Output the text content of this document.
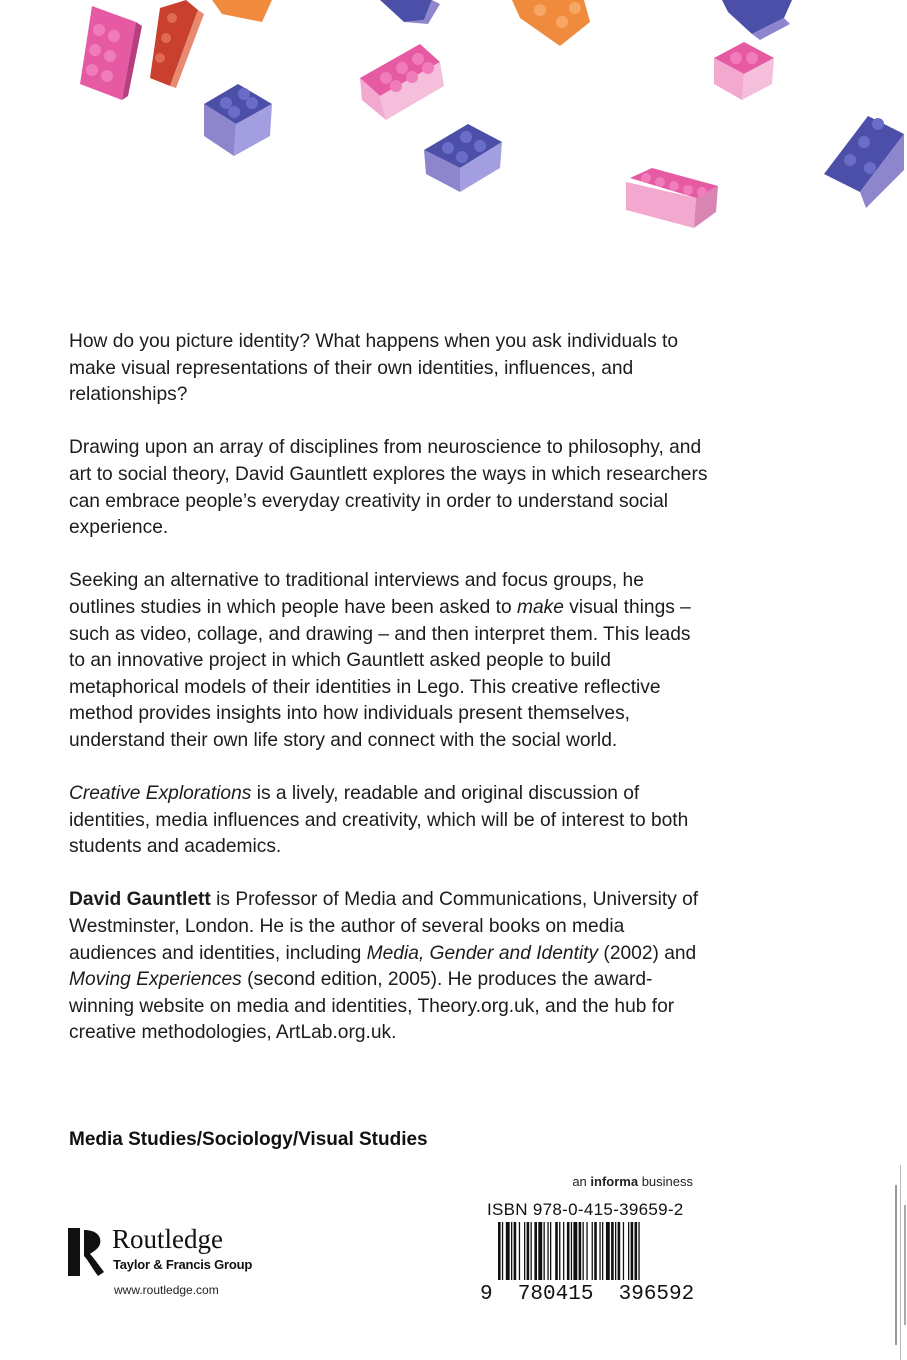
How do you picture identity? What happens when you ask individuals to make visual representations of their own identities, influences, and relationships?

Drawing upon an array of disciplines from neuroscience to philosophy, and art to social theory, David Gauntlett explores the ways in which researchers can embrace people’s everyday creativity in order to understand social experience.

Seeking an alternative to traditional interviews and focus groups, he outlines studies in which people have been asked to make visual things – such as video, collage, and drawing – and then interpret them. This leads to an innovative project in which Gauntlett asked people to build metaphorical models of their identities in Lego. This creative reflective method provides insights into how individuals present themselves, understand their own life story and connect with the social world.

Creative Explorations is a lively, readable and original discussion of identities, media influences and creativity, which will be of interest to both students and academics.

David Gauntlett is Professor of Media and Communications, University of Westminster, London. He is the author of several books on media audiences and identities, including Media, Gender and Identity (2002) and Moving Experiences (second edition, 2005). He produces the award-winning website on media and identities, Theory.org.uk, and the hub for creative methodologies, ArtLab.org.uk.

Media Studies/Sociology/Visual Studies
an informa business
ISBN 978-0-415-39659-2
9  780415  396592
ROUTLEDGE
Routledge
Taylor & Francis Group
www.routledge.com
